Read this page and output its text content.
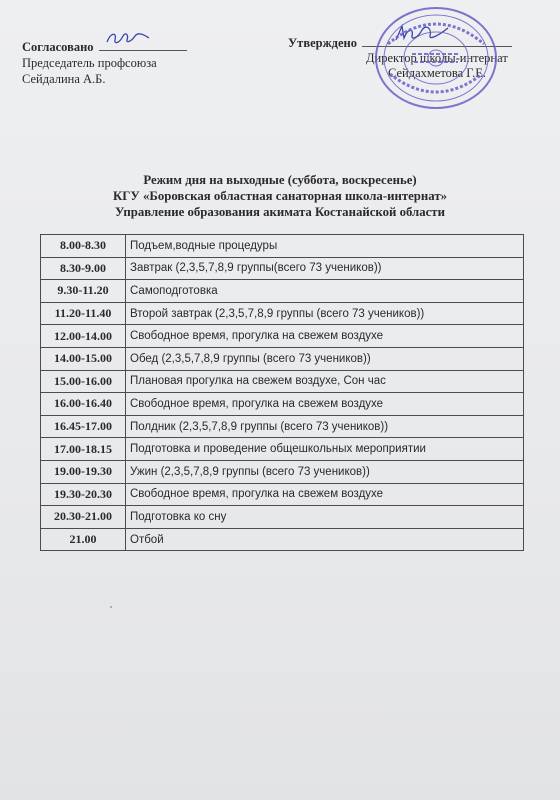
Согласовано
Председатель профсоюза
Сейдалина А.Б.
Утверждено
Директор школы-интернат
Сейдахметова Г.Е.
Режим дня на выходные (суббота, воскресенье)
КГУ «Боровская областная санаторная школа-интернат»
Управление образования акимата Костанайской области
8.00-8.30	Подъем,водные процедуры
8.30-9.00	Завтрак (2,3,5,7,8,9 группы(всего 73 учеников))
9.30-11.20	Самоподготовка
11.20-11.40	Второй завтрак (2,3,5,7,8,9 группы (всего 73 учеников))
12.00-14.00	Свободное время, прогулка на свежем воздухе
14.00-15.00	Обед (2,3,5,7,8,9 группы (всего 73 учеников))
15.00-16.00	Плановая прогулка на свежем воздухе, Сон час
16.00-16.40	Свободное время, прогулка на свежем воздухе
16.45-17.00	Полдник (2,3,5,7,8,9 группы (всего 73 учеников))
17.00-18.15	Подготовка и проведение общешкольных мероприятии
19.00-19.30	Ужин (2,3,5,7,8,9 группы (всего 73 учеников))
19.30-20.30	Свободное время, прогулка на свежем воздухе
20.30-21.00	Подготовка ко сну
21.00	Отбой
